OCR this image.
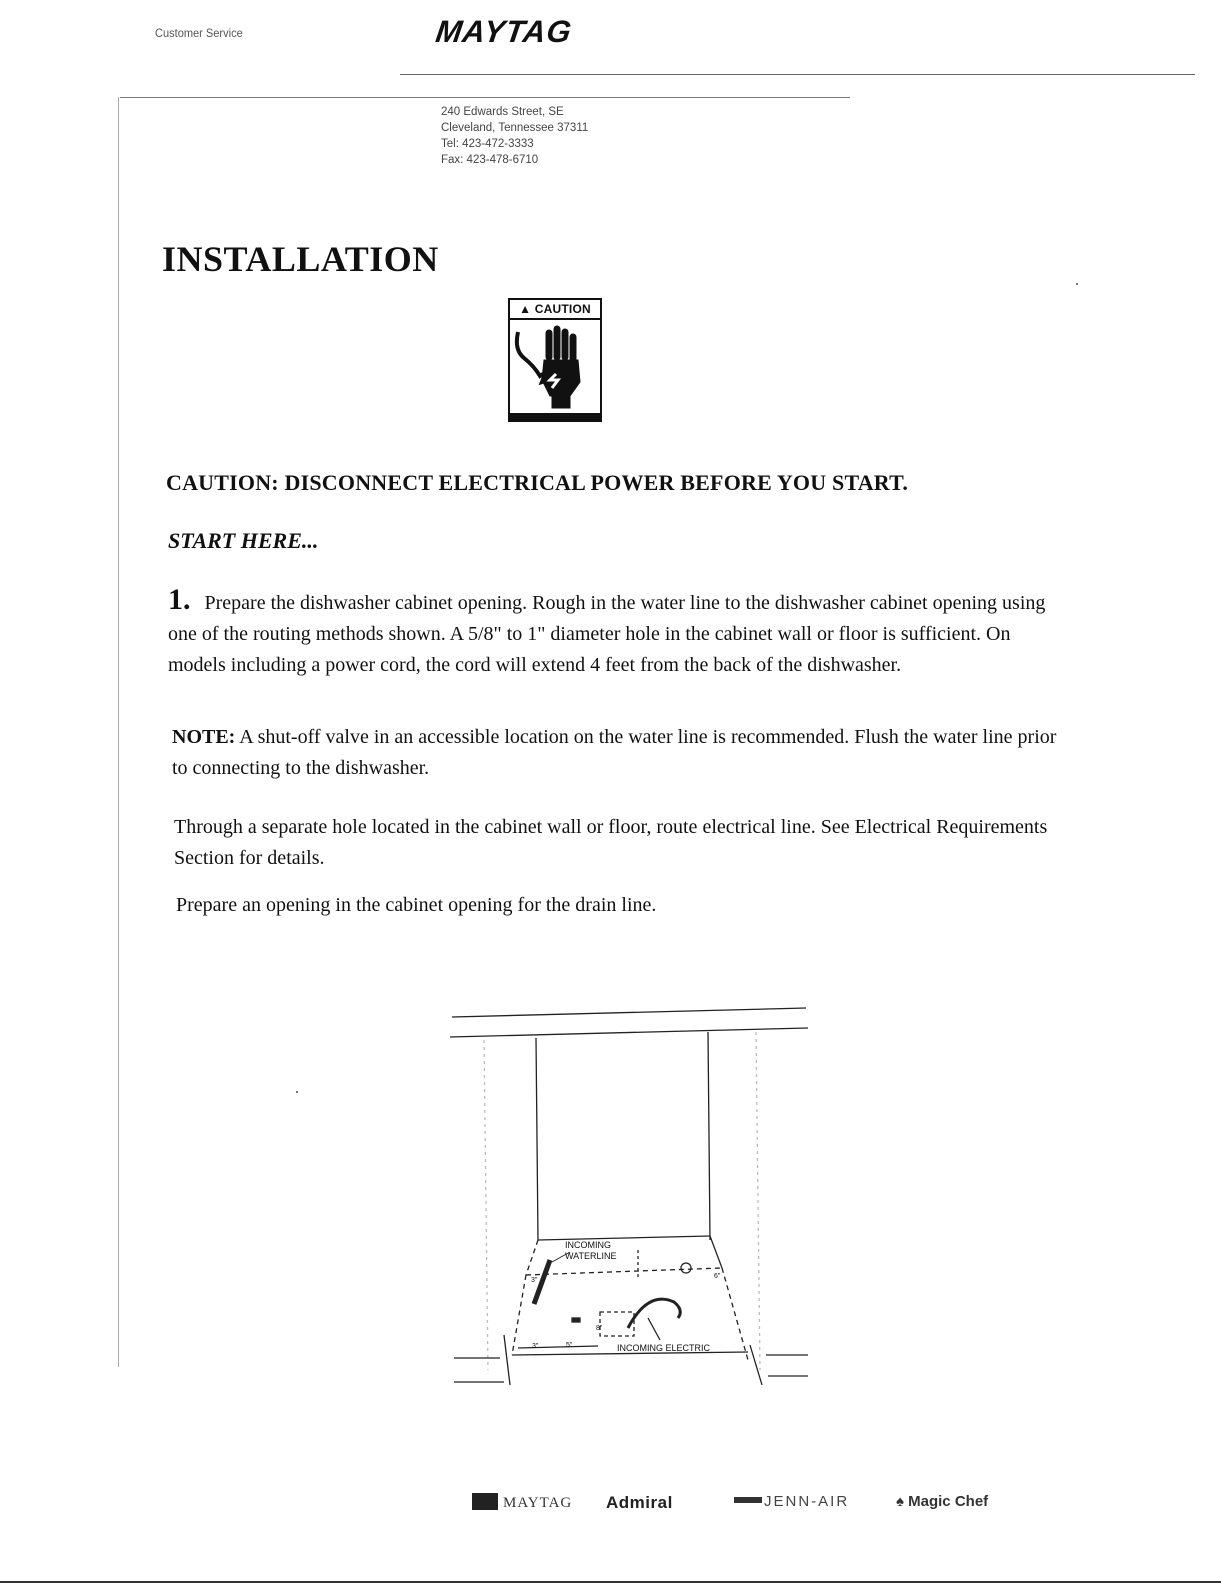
Customer Service	MAYTAG
240 Edwards Street, SE
Cleveland, Tennessee 37311
Tel: 423-472-3333
Fax: 423-478-6710
INSTALLATION
▲ CAUTION
CAUTION: DISCONNECT ELECTRICAL POWER BEFORE YOU START.
START HERE...
1. Prepare the dishwasher cabinet opening. Rough in the water line to the dishwasher cabinet opening using one of the routing methods shown. A 5/8" to 1" diameter hole in the cabinet wall or floor is sufficient. On models including a power cord, the cord will extend 4 feet from the back of the dishwasher.
NOTE: A shut-off valve in an accessible location on the water line is recommended. Flush the water line prior to connecting to the dishwasher.
Through a separate hole located in the cabinet wall or floor, route electrical line. See Electrical Requirements Section for details.
Prepare an opening in the cabinet opening for the drain line.
INCOMING
WATERLINE
INCOMING ELECTRIC
3"	5"
3"
6"
8"
MAYTAG Admiral	JENN-AIR	♠ Magic Chef
